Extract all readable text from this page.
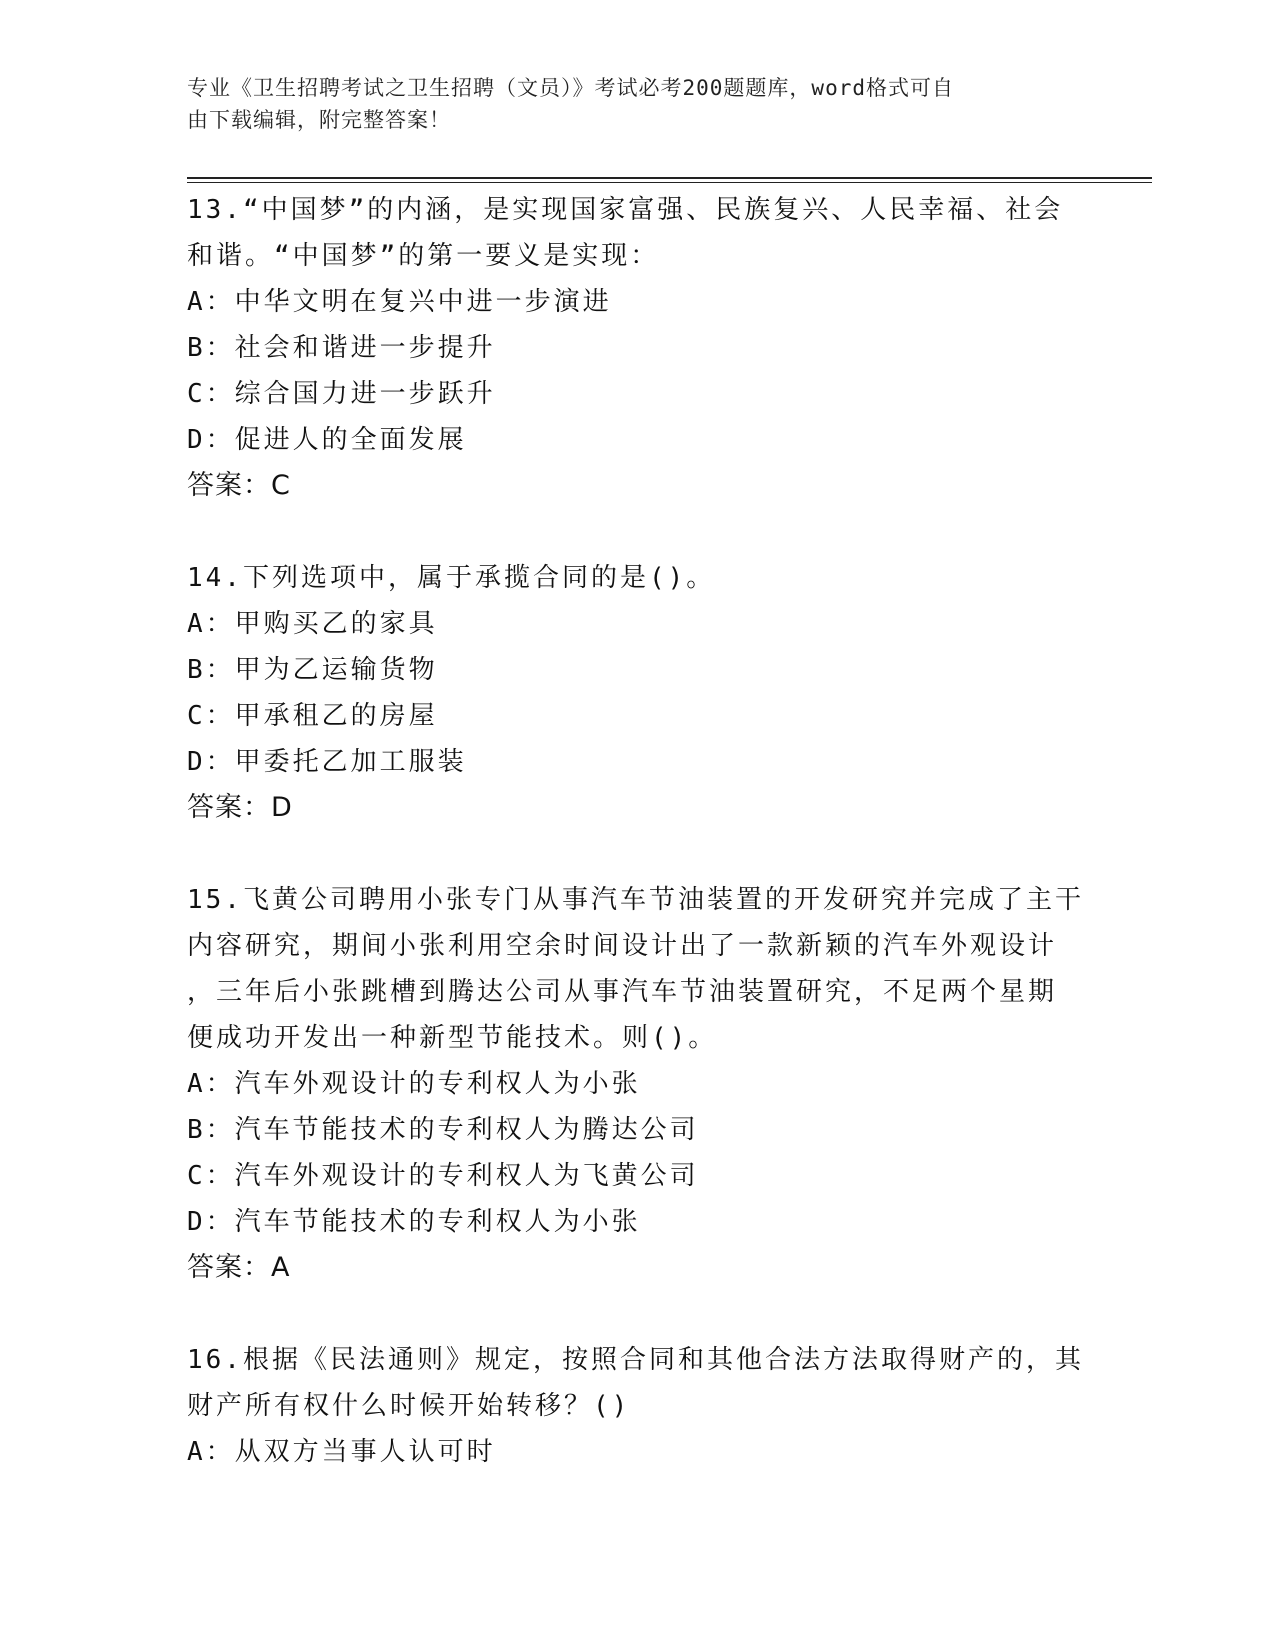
专业《卫生招聘考试之卫生招聘（文员）》考试必考200题题库，word格式可自
由下载编辑，附完整答案！

13.“中国梦”的内涵，是实现国家富强、民族复兴、人民幸福、社会

和谐。“中国梦”的第一要义是实现：

A：中华文明在复兴中进一步演进

B：社会和谐进一步提升

C：综合国力进一步跃升

D：促进人的全面发展

答案：C

14.下列选项中，属于承揽合同的是()。

A：甲购买乙的家具

B：甲为乙运输货物

C：甲承租乙的房屋

D：甲委托乙加工服装

答案：D

15.飞黄公司聘用小张专门从事汽车节油装置的开发研究并完成了主干

内容研究，期间小张利用空余时间设计出了一款新颖的汽车外观设计

，三年后小张跳槽到腾达公司从事汽车节油装置研究，不足两个星期

便成功开发出一种新型节能技术。则()。

A：汽车外观设计的专利权人为小张

B：汽车节能技术的专利权人为腾达公司

C：汽车外观设计的专利权人为飞黄公司

D：汽车节能技术的专利权人为小张

答案：A

16.根据《民法通则》规定，按照合同和其他合法方法取得财产的，其

财产所有权什么时候开始转移？()

A：从双方当事人认可时
